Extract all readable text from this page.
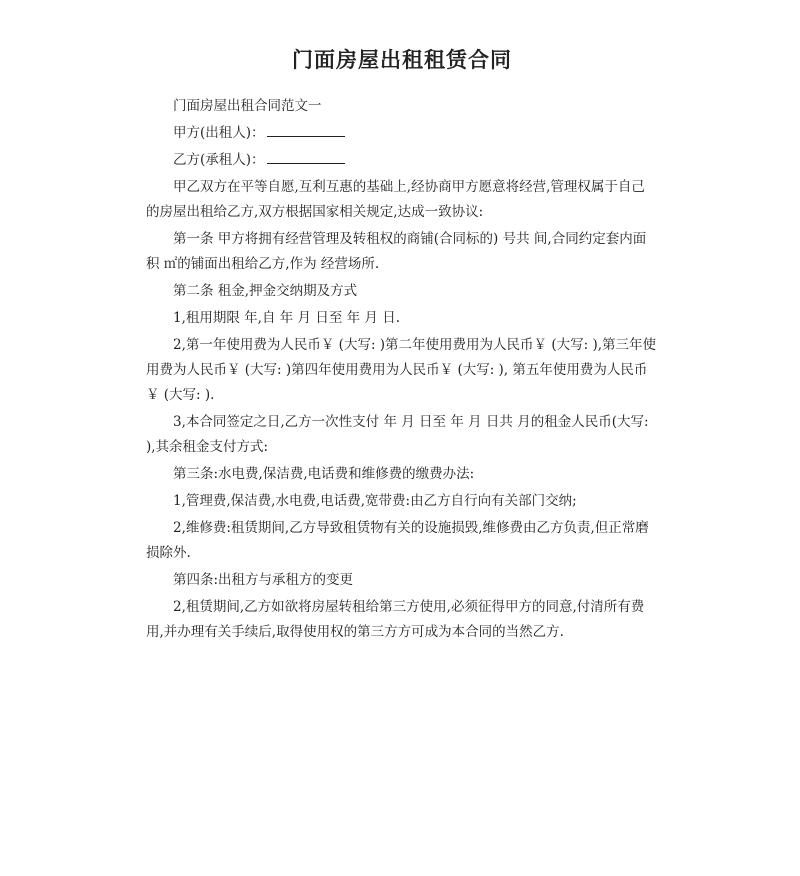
门面房屋出租租赁合同

门面房屋出租合同范文一

甲方(出租人)：

乙方(承租人)：

甲乙双方在平等自愿,互利互惠的基础上,经协商甲方愿意将经营,管理权属于自己的房屋出租给乙方,双方根据国家相关规定,达成一致协议:

第一条 甲方将拥有经营管理及转租权的商铺(合同标的) 号共 间,合同约定套内面积 ㎡的铺面出租给乙方,作为 经营场所.

第二条 租金,押金交纳期及方式

1,租用期限 年,自 年 月 日至 年 月 日.

2,第一年使用费为人民币￥ (大写: )第二年使用费用为人民币￥ (大写: ),第三年使用费为人民币￥ (大写: )第四年使用费用为人民币￥ (大写: ), 第五年使用费为人民币￥ (大写: ).

3,本合同签定之日,乙方一次性支付 年 月 日至 年 月 日共 月的租金人民币(大写: ),其余租金支付方式:

第三条:水电费,保洁费,电话费和维修费的缴费办法:

1,管理费,保洁费,水电费,电话费,宽带费:由乙方自行向有关部门交纳;

2,维修费:租赁期间,乙方导致租赁物有关的设施损毁,维修费由乙方负责,但正常磨损除外.

第四条:出租方与承租方的变更

2,租赁期间,乙方如欲将房屋转租给第三方使用,必须征得甲方的同意,付清所有费用,并办理有关手续后,取得使用权的第三方方可成为本合同的当然乙方.
